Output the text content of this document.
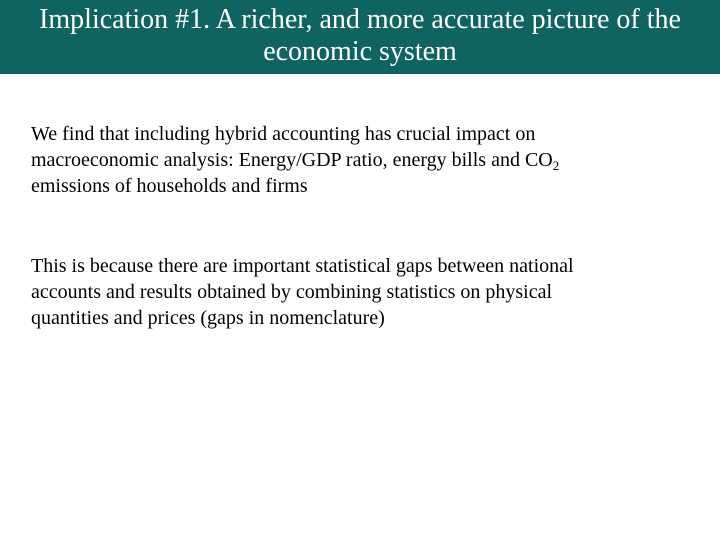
Implication #1. A richer, and more accurate picture of the
economic system

We find that including hybrid accounting has crucial impact on
macroeconomic analysis: Energy/GDP ratio, energy bills and $CO_2$
emissions of households and firms

This is because there are important statistical gaps between national
accounts and results obtained by combining statistics on physical
quantities and prices (gaps in nomenclature)
